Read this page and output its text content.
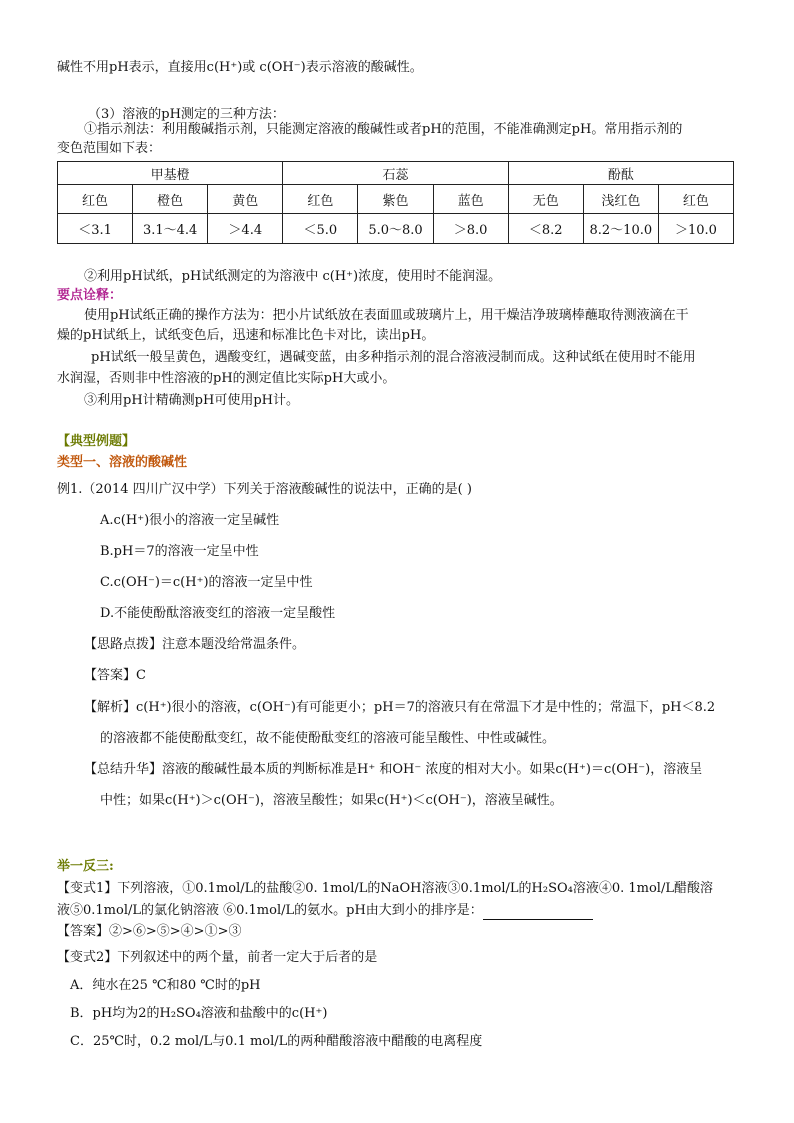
碱性不用pH表示，直接用c(H⁺)或 c(OH⁻)表示溶液的酸碱性。
（3）溶液的pH测定的三种方法：
①指示剂法：利用酸碱指示剂，只能测定溶液的酸碱性或者pH的范围，不能准确测定pH。常用指示剂的
变色范围如下表：
甲基橙			石蕊			酚酞		
红色	橙色	黄色	红色	紫色	蓝色	无色	浅红色	红色
＜3.1	3.1～4.4	＞4.4	＜5.0	5.0～8.0	＞8.0	＜8.2	8.2～10.0	＞10.0
②利用pH试纸，pH试纸测定的为溶液中 c(H⁺)浓度，使用时不能润湿。
要点诠释：
使用pH试纸正确的操作方法为：把小片试纸放在表面皿或玻璃片上，用干燥洁净玻璃棒蘸取待测液滴在干
燥的pH试纸上，试纸变色后，迅速和标准比色卡对比，读出pH。
pH试纸一般呈黄色，遇酸变红，遇碱变蓝，由多种指示剂的混合溶液浸制而成。这种试纸在使用时不能用
水润湿，否则非中性溶液的pH的测定值比实际pH大或小。
③利用pH计精确测pH可使用pH计。
【典型例题】
类型一、溶液的酸碱性
例1.（2014 四川广汉中学）下列关于溶液酸碱性的说法中，正确的是( )
A.c(H⁺)很小的溶液一定呈碱性
B.pH＝7的溶液一定呈中性
C.c(OH⁻)＝c(H⁺)的溶液一定呈中性
D.不能使酚酞溶液变红的溶液一定呈酸性
【思路点拨】注意本题没给常温条件。
【答案】C
【解析】c(H⁺)很小的溶液，c(OH⁻)有可能更小；pH＝7的溶液只有在常温下才是中性的；常温下，pH＜8.2
的溶液都不能使酚酞变红，故不能使酚酞变红的溶液可能呈酸性、中性或碱性。
【总结升华】溶液的酸碱性最本质的判断标准是H⁺ 和OH⁻ 浓度的相对大小。如果c(H⁺)＝c(OH⁻)，溶液呈
中性；如果c(H⁺)＞c(OH⁻)，溶液呈酸性；如果c(H⁺)＜c(OH⁻)，溶液呈碱性。
举一反三:
【变式1】下列溶液，①0.1mol/L的盐酸②0. 1mol/L的NaOH溶液③0.1mol/L的H₂SO₄溶液④0. 1mol/L醋酸溶
液⑤0.1mol/L的氯化钠溶液 ⑥0.1mol/L的氨水。pH由大到小的排序是：
【答案】②>⑥>⑤>④>①>③
【变式2】下列叙述中的两个量，前者一定大于后者的是
A．纯水在25 ℃和80 ℃时的pH
B．pH均为2的H₂SO₄溶液和盐酸中的c(H⁺)
C．25℃时，0.2 mol/L与0.1 mol/L的两种醋酸溶液中醋酸的电离程度
